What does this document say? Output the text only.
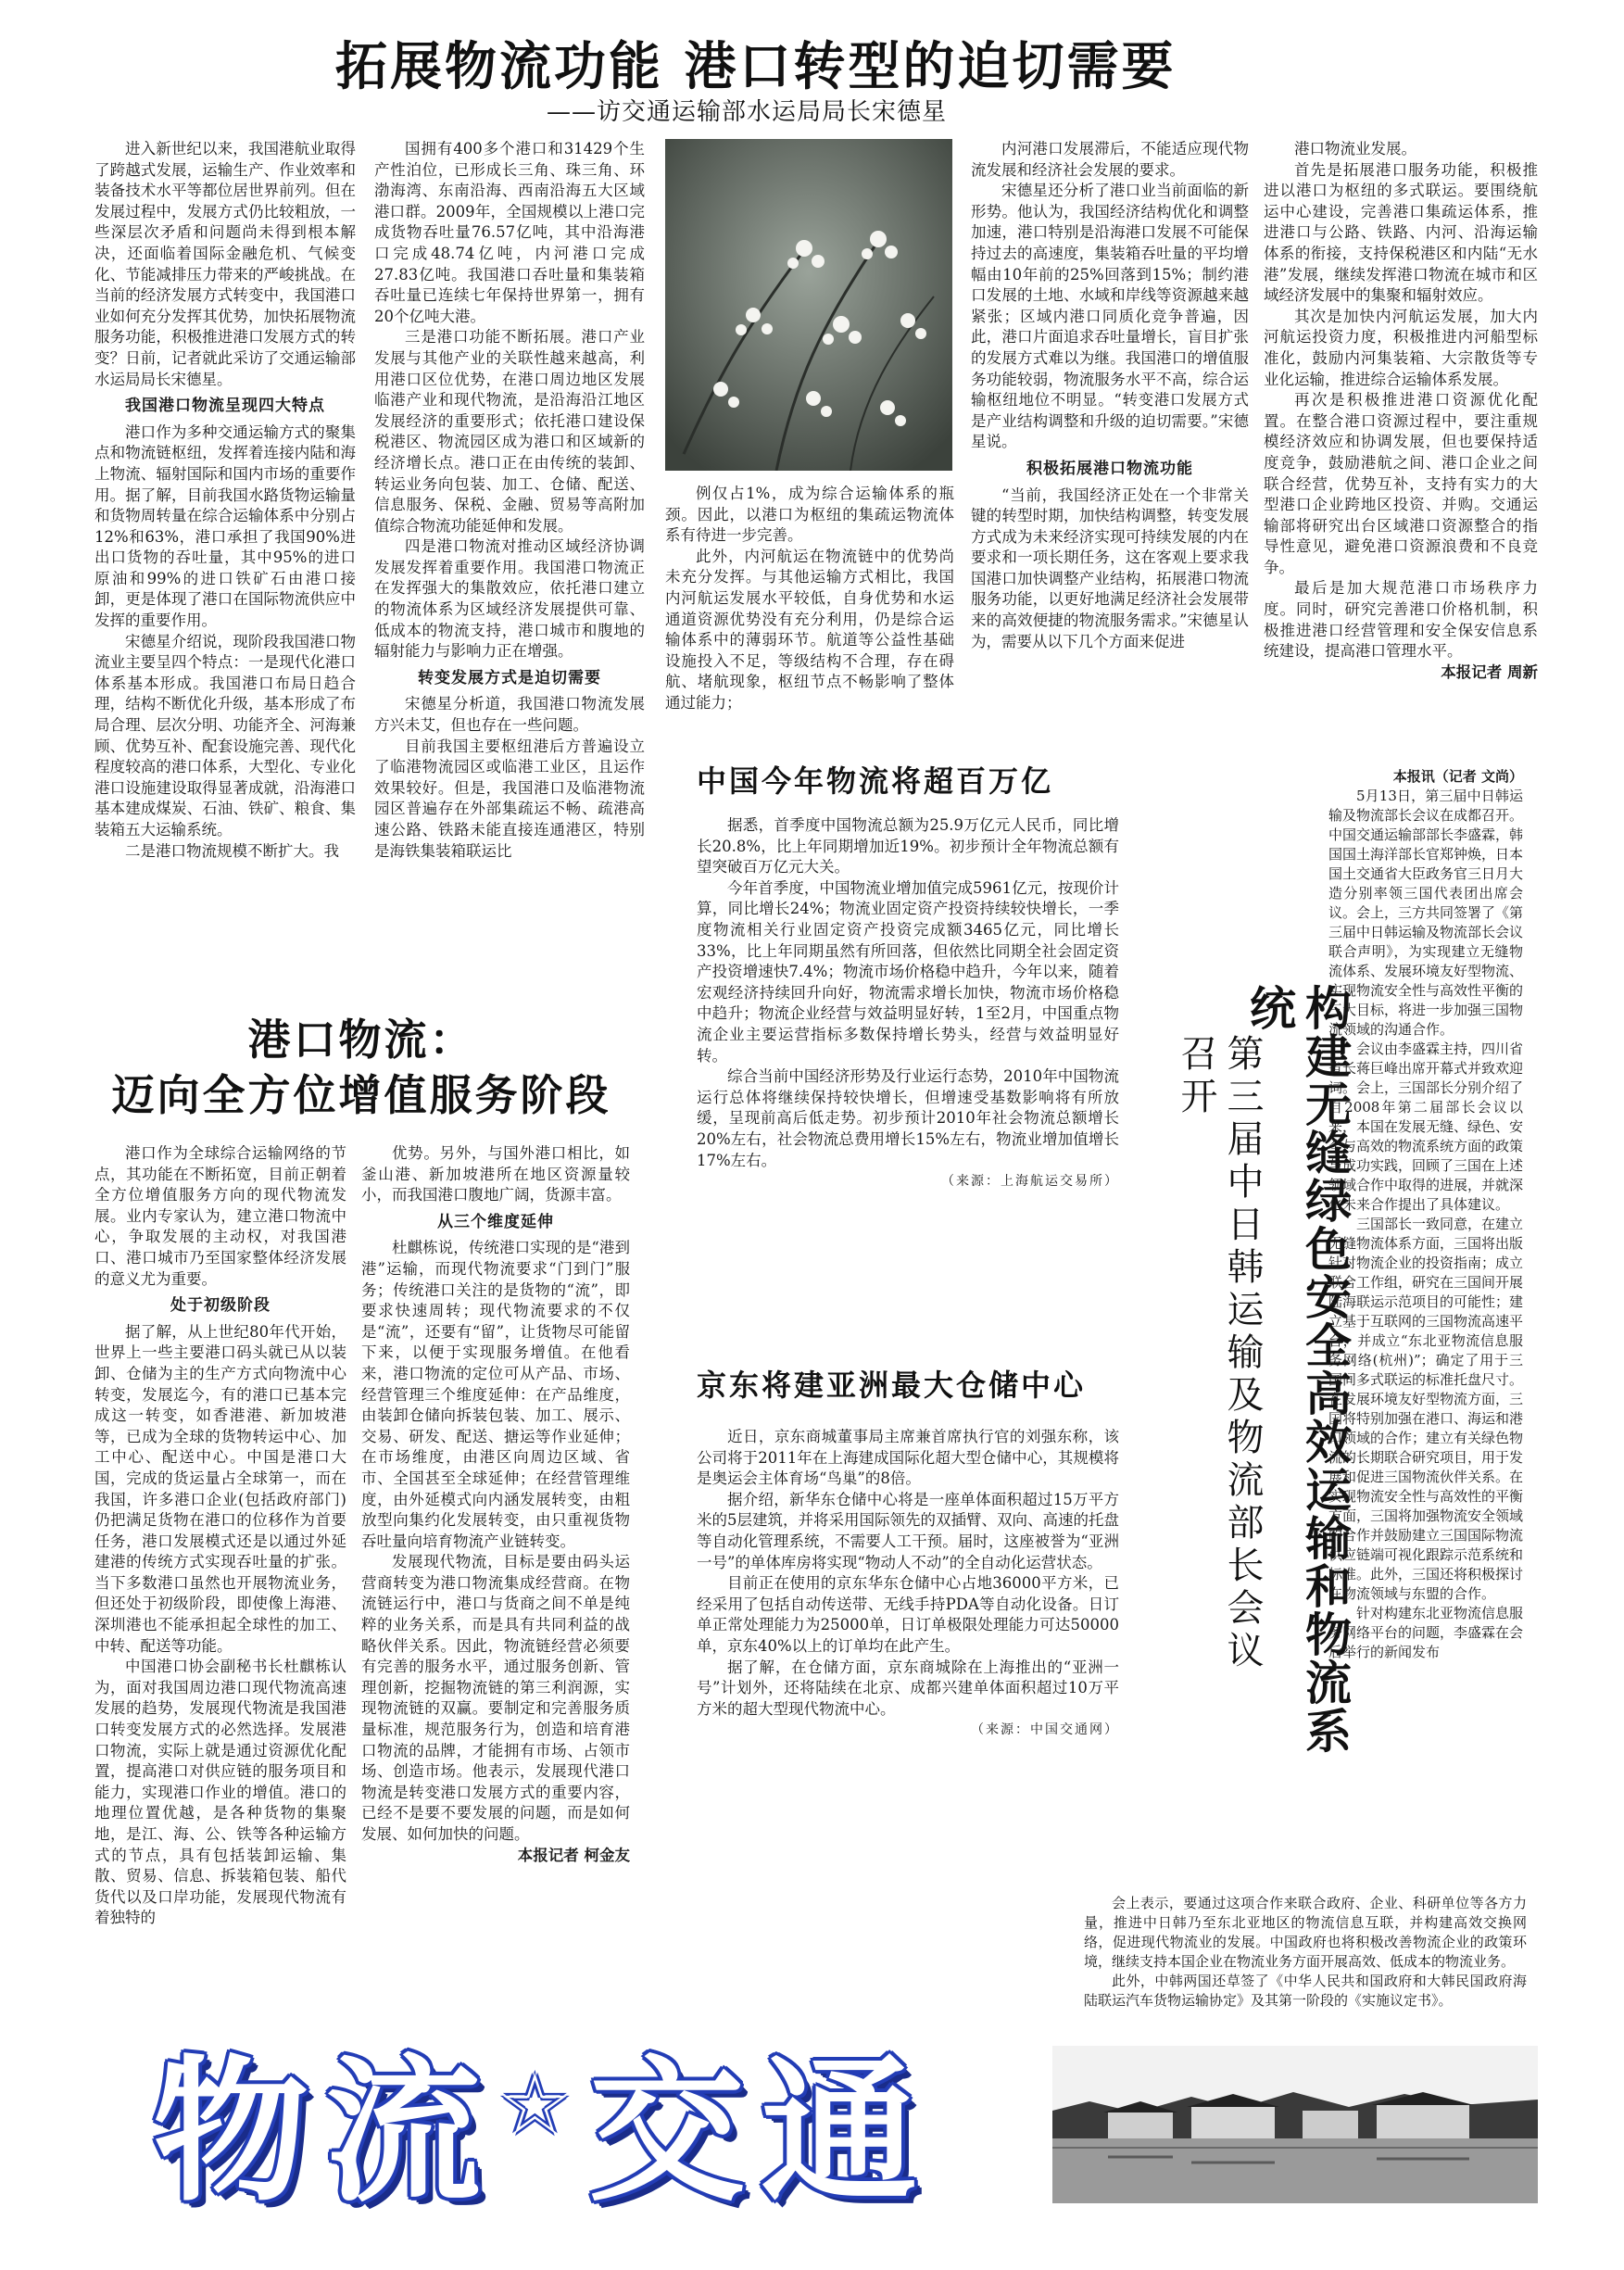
拓展物流功能 港口转型的迫切需要
——访交通运输部水运局局长宋德星

进入新世纪以来，我国港航业取得了跨越式发展，运输生产、作业效率和装备技术水平等都位居世界前列。但在发展过程中，发展方式仍比较粗放，一些深层次矛盾和问题尚未得到根本解决，还面临着国际金融危机、气候变化、节能减排压力带来的严峻挑战。在当前的经济发展方式转变中，我国港口业如何充分发挥其优势，加快拓展物流服务功能，积极推进港口发展方式的转变？日前，记者就此采访了交通运输部水运局局长宋德星。

我国港口物流呈现四大特点

港口作为多种交通运输方式的聚集点和物流链枢纽，发挥着连接内陆和海上物流、辐射国际和国内市场的重要作用。据了解，目前我国水路货物运输量和货物周转量在综合运输体系中分别占12%和63%，港口承担了我国90%进出口货物的吞吐量，其中95%的进口原油和99%的进口铁矿石由港口接卸，更是体现了港口在国际物流供应中发挥的重要作用。

宋德星介绍说，现阶段我国港口物流业主要呈四个特点：一是现代化港口体系基本形成。我国港口布局日趋合理，结构不断优化升级，基本形成了布局合理、层次分明、功能齐全、河海兼顾、优势互补、配套设施完善、现代化程度较高的港口体系，大型化、专业化港口设施建设取得显著成就，沿海港口基本建成煤炭、石油、铁矿、粮食、集装箱五大运输系统。

二是港口物流规模不断扩大。我

国拥有400多个港口和31429个生产性泊位，已形成长三角、珠三角、环渤海湾、东南沿海、西南沿海五大区域港口群。2009年，全国规模以上港口完成货物吞吐量76.57亿吨，其中沿海港口完成48.74亿吨，内河港口完成27.83亿吨。我国港口吞吐量和集装箱吞吐量已连续七年保持世界第一，拥有20个亿吨大港。

三是港口功能不断拓展。港口产业发展与其他产业的关联性越来越高，利用港口区位优势，在港口周边地区发展临港产业和现代物流，是沿海沿江地区发展经济的重要形式；依托港口建设保税港区、物流园区成为港口和区域新的经济增长点。港口正在由传统的装卸、转运业务向包装、加工、仓储、配送、信息服务、保税、金融、贸易等高附加值综合物流功能延伸和发展。

四是港口物流对推动区域经济协调发展发挥着重要作用。我国港口物流正在发挥强大的集散效应，依托港口建立的物流体系为区域经济发展提供可靠、低成本的物流支持，港口城市和腹地的辐射能力与影响力正在增强。

转变发展方式是迫切需要

宋德星分析道，我国港口物流发展方兴未艾，但也存在一些问题。

目前我国主要枢纽港后方普遍设立了临港物流园区或临港工业区，且运作效果较好。但是，我国港口及临港物流园区普遍存在外部集疏运不畅、疏港高速公路、铁路未能直接连通港区，特别是海铁集装箱联运比

例仅占1%，成为综合运输体系的瓶颈。因此，以港口为枢纽的集疏运物流体系有待进一步完善。

此外，内河航运在物流链中的优势尚未充分发挥。与其他运输方式相比，我国内河航运发展水平较低，自身优势和水运通道资源优势没有充分利用，仍是综合运输体系中的薄弱环节。航道等公益性基础设施投入不足，等级结构不合理，存在碍航、堵航现象，枢纽节点不畅影响了整体通过能力；

内河港口发展滞后，不能适应现代物流发展和经济社会发展的要求。

宋德星还分析了港口业当前面临的新形势。他认为，我国经济结构优化和调整加速，港口特别是沿海港口发展不可能保持过去的高速度，集装箱吞吐量的平均增幅由10年前的25%回落到15%；制约港口发展的土地、水域和岸线等资源越来越紧张；区域内港口同质化竞争普遍，因此，港口片面追求吞吐量增长，盲目扩张的发展方式难以为继。我国港口的增值服务功能较弱，物流服务水平不高，综合运输枢纽地位不明显。“转变港口发展方式是产业结构调整和升级的迫切需要。”宋德星说。

积极拓展港口物流功能

“当前，我国经济正处在一个非常关键的转型时期，加快结构调整，转变发展方式成为未来经济实现可持续发展的内在要求和一项长期任务，这在客观上要求我国港口加快调整产业结构，拓展港口物流服务功能，以更好地满足经济社会发展带来的高效便捷的物流服务需求。”宋德星认为，需要从以下几个方面来促进

港口物流业发展。

首先是拓展港口服务功能，积极推进以港口为枢纽的多式联运。要围绕航运中心建设，完善港口集疏运体系，推进港口与公路、铁路、内河、沿海运输体系的衔接，支持保税港区和内陆“无水港”发展，继续发挥港口物流在城市和区域经济发展中的集聚和辐射效应。

其次是加快内河航运发展，加大内河航运投资力度，积极推进内河船型标准化，鼓励内河集装箱、大宗散货等专业化运输，推进综合运输体系发展。

再次是积极推进港口资源优化配置。在整合港口资源过程中，要注重规模经济效应和协调发展，但也要保持适度竞争，鼓励港航之间、港口企业之间联合经营，优势互补，支持有实力的大型港口企业跨地区投资、并购。交通运输部将研究出台区域港口资源整合的指导性意见，避免港口资源浪费和不良竞争。

最后是加大规范港口市场秩序力度。同时，研究完善港口价格机制，积极推进港口经营管理和安全保安信息系统建设，提高港口管理水平。

本报记者 周新
港口物流：
迈向全方位增值服务阶段

港口作为全球综合运输网络的节点，其功能在不断拓宽，目前正朝着全方位增值服务方向的现代物流发展。业内专家认为，建立港口物流中心，争取发展的主动权，对我国港口、港口城市乃至国家整体经济发展的意义尤为重要。

处于初级阶段

据了解，从上世纪80年代开始，世界上一些主要港口码头就已从以装卸、仓储为主的生产方式向物流中心转变，发展迄今，有的港口已基本完成这一转变，如香港港、新加坡港等，已成为全球的货物转运中心、加工中心、配送中心。中国是港口大国，完成的货运量占全球第一，而在我国，许多港口企业(包括政府部门)仍把满足货物在港口的位移作为首要任务，港口发展模式还是以通过外延建港的传统方式实现吞吐量的扩张。当下多数港口虽然也开展物流业务，但还处于初级阶段，即使像上海港、深圳港也不能承担起全球性的加工、中转、配送等功能。

中国港口协会副秘书长杜麒栋认为，面对我国周边港口现代物流高速发展的趋势，发展现代物流是我国港口转变发展方式的必然选择。发展港口物流，实际上就是通过资源优化配置，提高港口对供应链的服务项目和能力，实现港口作业的增值。港口的地理位置优越，是各种货物的集聚地，是江、海、公、铁等各种运输方式的节点，具有包括装卸运输、集散、贸易、信息、拆装箱包装、船代货代以及口岸功能，发展现代物流有着独特的

优势。另外，与国外港口相比，如釜山港、新加坡港所在地区资源量较小，而我国港口腹地广阔，货源丰富。

从三个维度延伸

杜麒栋说，传统港口实现的是“港到港”运输，而现代物流要求“门到门”服务；传统港口关注的是货物的“流”，即要求快速周转；现代物流要求的不仅是“流”，还要有“留”，让货物尽可能留下来，以便于实现服务增值。在他看来，港口物流的定位可从产品、市场、经营管理三个维度延伸：在产品维度，由装卸仓储向拆装包装、加工、展示、交易、研发、配送、搪运等作业延伸；在市场维度，由港区向周边区域、省市、全国甚至全球延伸；在经营管理维度，由外延模式向内涵发展转变，由粗放型向集约化发展转变，由只重视货物吞吐量向培育物流产业链转变。

发展现代物流，目标是要由码头运营商转变为港口物流集成经营商。在物流链运行中，港口与货商之间不单是纯粹的业务关系，而是具有共同利益的战略伙伴关系。因此，物流链经营必须要有完善的服务水平，通过服务创新、管理创新，挖掘物流链的第三利润源，实现物流链的双赢。要制定和完善服务质量标准，规范服务行为，创造和培育港口物流的品牌，才能拥有市场、占领市场、创造市场。他表示，发展现代港口物流是转变港口发展方式的重要内容，已经不是要不要发展的问题，而是如何发展、如何加快的问题。

本报记者 柯金友
中国今年物流将超百万亿

据悉，首季度中国物流总额为25.9万亿元人民币，同比增长20.8%，比上年同期增加近19%。初步预计全年物流总额有望突破百万亿元大关。

今年首季度，中国物流业增加值完成5961亿元，按现价计算，同比增长24%；物流业固定资产投资持续较快增长，一季度物流相关行业固定资产投资完成额3465亿元，同比增长33%，比上年同期虽然有所回落，但依然比同期全社会固定资产投资增速快7.4%；物流市场价格稳中趋升，今年以来，随着宏观经济持续回升向好，物流需求增长加快，物流市场价格稳中趋升；物流企业经营与效益明显好转，1至2月，中国重点物流企业主要运营指标多数保持增长势头，经营与效益明显好转。

综合当前中国经济形势及行业运行态势，2010年中国物流运行总体将继续保持较快增长，但增速受基数影响将有所放缓，呈现前高后低走势。初步预计2010年社会物流总额增长20%左右，社会物流总费用增长15%左右，物流业增加值增长17%左右。

（来源：上海航运交易所）
京东将建亚洲最大仓储中心

近日，京东商城董事局主席兼首席执行官的刘强东称，该公司将于2011年在上海建成国际化超大型仓储中心，其规模将是奥运会主体育场“鸟巢”的8倍。

据介绍，新华东仓储中心将是一座单体面积超过15万平方米的5层建筑，并将采用国际领先的双插臂、双向、高速的托盘等自动化管理系统，不需要人工干预。届时，这座被誉为“亚洲一号”的单体库房将实现“物动人不动”的全自动化运营状态。

目前正在使用的京东华东仓储中心占地36000平方米，已经采用了包括自动传送带、无线手持PDA等自动化设备。日订单正常处理能力为25000单，日订单极限处理能力可达50000单，京东40%以上的订单均在此产生。

据了解，在仓储方面，京东商城除在上海推出的“亚洲一号”计划外，还将陆续在北京、成都兴建单体面积超过10万平方米的超大型现代物流中心。

（来源：中国交通网）	构建无缝绿色安全高效运输和物流系统
第三届中日韩运输及物流部长会议召开
本报讯（记者 文尚）

5月13日，第三届中日韩运输及物流部长会议在成都召开。中国交通运输部部长李盛霖，韩国国土海洋部长官郑钟焕，日本国土交通省大臣政务官三日月大造分别率领三国代表团出席会议。会上，三方共同签署了《第三届中日韩运输及物流部长会议联合声明》，为实现建立无缝物流体系、发展环境友好型物流、实现物流安全性与高效性平衡的三大目标，将进一步加强三国物流领域的沟通合作。

会议由李盛霖主持，四川省省长蒋巨峰出席开幕式并致欢迎词。会上，三国部长分别介绍了自2008年第二届部长会议以来，本国在发展无缝、绿色、安全与高效的物流系统方面的政策与成功实践，回顾了三国在上述领域合作中取得的进展，并就深化未来合作提出了具体建议。

三国部长一致同意，在建立无缝物流体系方面，三国将出版针对物流企业的投资指南；成立联合工作组，研究在三国间开展陆海联运示范项目的可能性；建立基于互联网的三国物流高速平台，并成立“东北亚物流信息服务网络(杭州)”；确定了用于三国间多式联运的标准托盘尺寸。在发展环境友好型物流方面，三国将特别加强在港口、海运和港口领域的合作；建立有关绿色物流的长期联合研究项目，用于发展和促进三国物流伙伴关系。在实现物流安全性与高效性的平衡方面，三国将加强物流安全领域的合作并鼓励建立三国国际物流供应链端可视化跟踪示范系统和标准。此外，三国还将积极探讨在物流领域与东盟的合作。

针对构建东北亚物流信息服务网络平台的问题，李盛霖在会后举行的新闻发布

会上表示，要通过这项合作来联合政府、企业、科研单位等各方力量，推进中日韩乃至东北亚地区的物流信息互联，并构建高效交换网络，促进现代物流业的发展。中国政府也将积极改善物流企业的政策环境，继续支持本国企业在物流业务方面开展高效、低成本的物流业务。

此外，中韩两国还草签了《中华人民共和国政府和大韩民国政府海陆联运汽车货物运输协定》及其第一阶段的《实施议定书》。

物流☆交通
